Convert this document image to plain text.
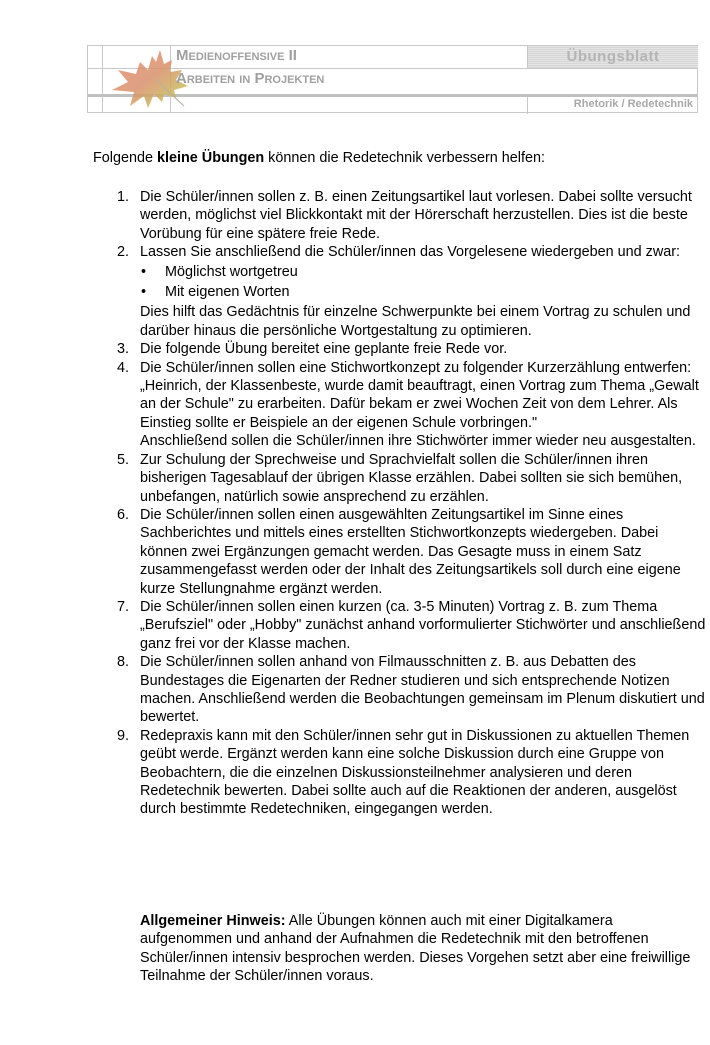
Medienoffensive II
Arbeiten in Projekten
Übungsblatt
Rhetorik / Redetechnik
Folgende kleine Übungen können die Redetechnik verbessern helfen:
1. Die Schüler/innen sollen z. B. einen Zeitungsartikel laut vorlesen. Dabei sollte versucht werden, möglichst viel Blickkontakt mit der Hörerschaft herzustellen. Dies ist die beste Vorübung für eine spätere freie Rede.
2. Lassen Sie anschließend die Schüler/innen das Vorgelesene wiedergeben und zwar:
• Möglichst wortgetreu
• Mit eigenen Worten
Dies hilft das Gedächtnis für einzelne Schwerpunkte bei einem Vortrag zu schulen und darüber hinaus die persönliche Wortgestaltung zu optimieren.
3. Die folgende Übung bereitet eine geplante freie Rede vor.
4. Die Schüler/innen sollen eine Stichwortkonzept zu folgender Kurzerzählung entwerfen: „Heinrich, der Klassenbeste, wurde damit beauftragt, einen Vortrag zum Thema „Gewalt an der Schule" zu erarbeiten. Dafür bekam er zwei Wochen Zeit von dem Lehrer. Als Einstieg sollte er Beispiele an der eigenen Schule vorbringen."
Anschließend sollen die Schüler/innen ihre Stichwörter immer wieder neu ausgestalten.
5. Zur Schulung der Sprechweise und Sprachvielfalt sollen die Schüler/innen ihren bisherigen Tagesablauf der übrigen Klasse erzählen. Dabei sollten sie sich bemühen, unbefangen, natürlich sowie ansprechend zu erzählen.
6. Die Schüler/innen sollen einen ausgewählten Zeitungsartikel im Sinne eines Sachberichtes und mittels eines erstellten Stichwortkonzepts wiedergeben. Dabei können zwei Ergänzungen gemacht werden. Das Gesagte muss in einem Satz zusammengefasst werden oder der Inhalt des Zeitungsartikels soll durch eine eigene kurze Stellungnahme ergänzt werden.
7. Die Schüler/innen sollen einen kurzen (ca. 3-5 Minuten) Vortrag z. B. zum Thema „Berufsziel" oder „Hobby" zunächst anhand vorformulierter Stichwörter und anschließend ganz frei vor der Klasse machen.
8. Die Schüler/innen sollen anhand von Filmausschnitten z. B. aus Debatten des Bundestages die Eigenarten der Redner studieren und sich entsprechende Notizen machen. Anschließend werden die Beobachtungen gemeinsam im Plenum diskutiert und bewertet.
9. Redepraxis kann mit den Schüler/innen sehr gut in Diskussionen zu aktuellen Themen geübt werde. Ergänzt werden kann eine solche Diskussion durch eine Gruppe von Beobachtern, die die einzelnen Diskussionsteilnehmer analysieren und deren Redetechnik bewerten. Dabei sollte auch auf die Reaktionen der anderen, ausgelöst durch bestimmte Redetechniken, eingegangen werden.
Allgemeiner Hinweis: Alle Übungen können auch mit einer Digitalkamera aufgenommen und anhand der Aufnahmen die Redetechnik mit den betroffenen Schüler/innen intensiv besprochen werden. Dieses Vorgehen setzt aber eine freiwillige Teilnahme der Schüler/innen voraus.
